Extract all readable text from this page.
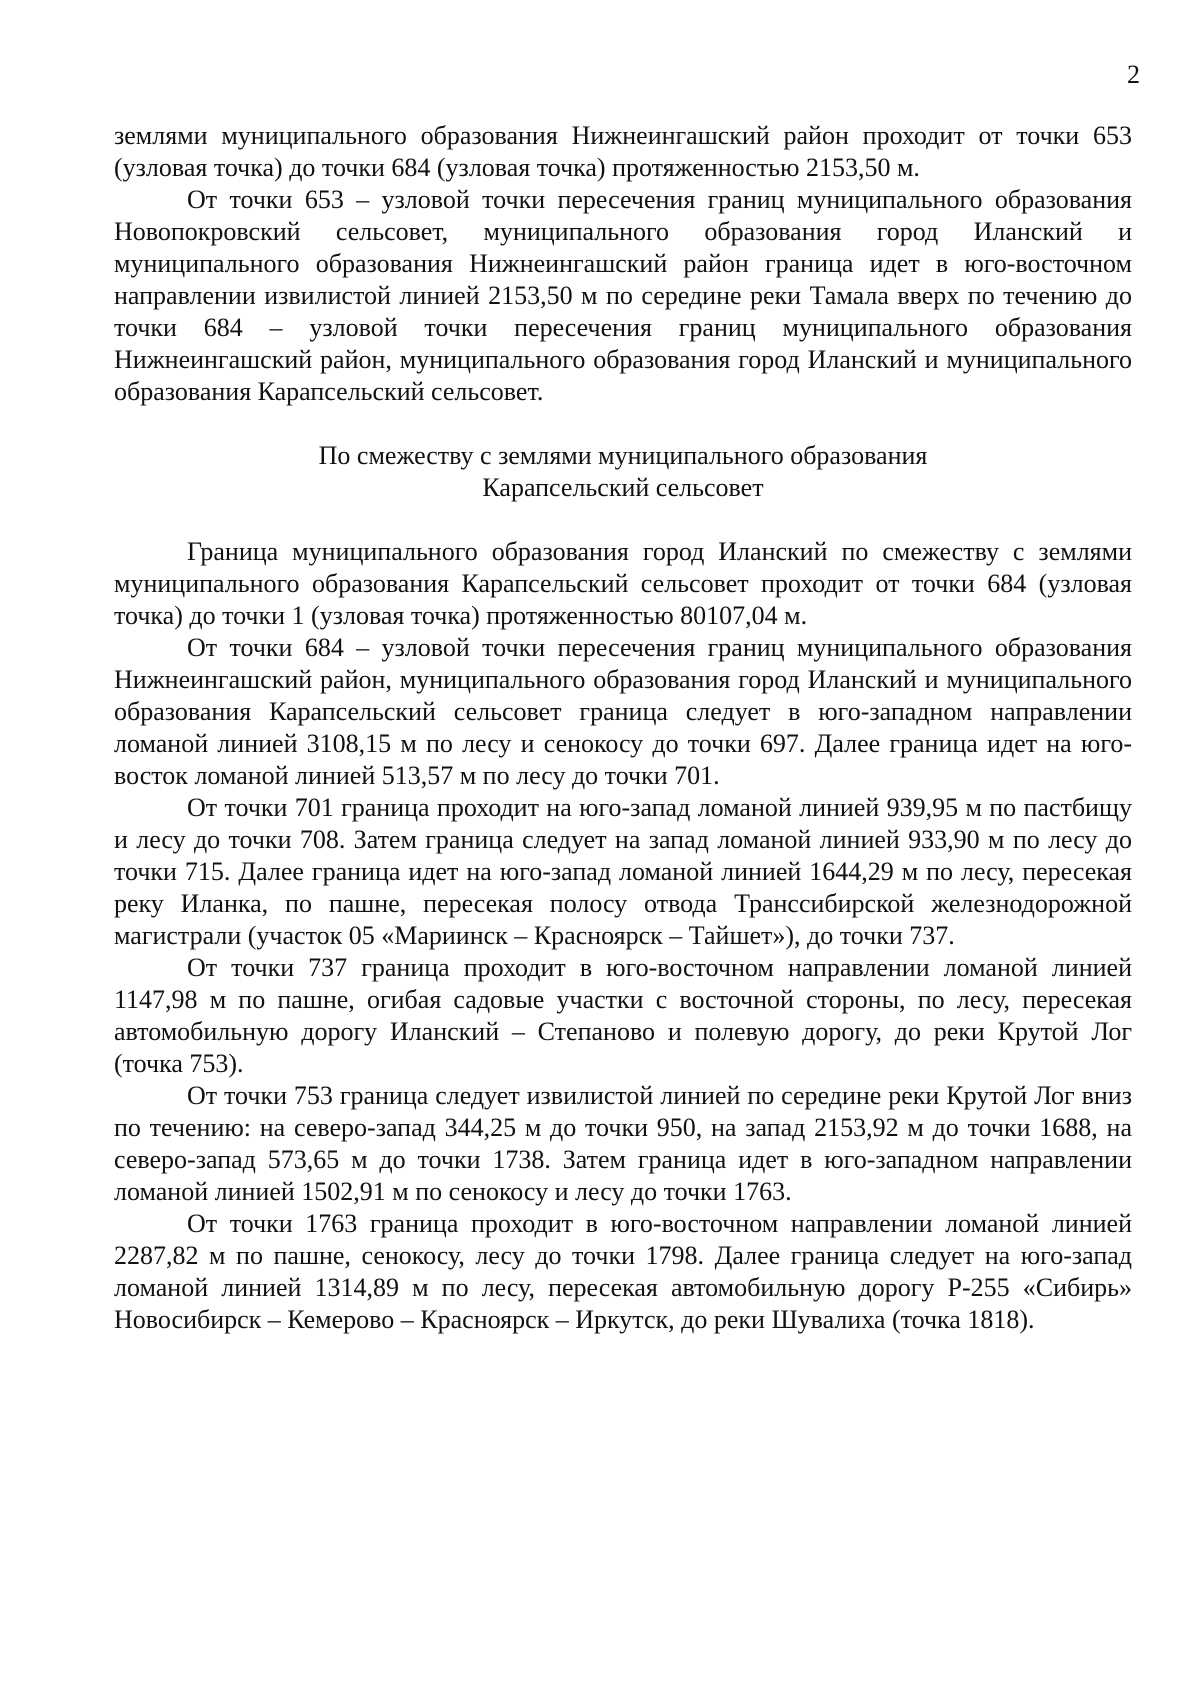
2

землями муниципального образования Нижнеингашский район проходит от точки 653 (узловая точка) до точки 684 (узловая точка) протяженностью 2153,50 м.

От точки 653 – узловой точки пересечения границ муниципального образования Новопокровский сельсовет, муниципального образования город Иланский и муниципального образования Нижнеингашский район граница идет в юго-восточном направлении извилистой линией 2153,50 м по середине реки Тамала вверх по течению до точки 684 – узловой точки пересечения границ муниципального образования Нижнеингашский район, муниципального образования город Иланский и муниципального образования Карапсельский сельсовет.

По смежеству с землями муниципального образования

Карапсельский сельсовет

Граница муниципального образования город Иланский по смежеству с землями муниципального образования Карапсельский сельсовет проходит от точки 684 (узловая точка) до точки 1 (узловая точка) протяженностью 80107,04 м.

От точки 684 – узловой точки пересечения границ муниципального образования Нижнеингашский район, муниципального образования город Иланский и муниципального образования Карапсельский сельсовет граница следует в юго-западном направлении ломаной линией 3108,15 м по лесу и сенокосу до точки 697. Далее граница идет на юго-восток ломаной линией 513,57 м по лесу до точки 701.

От точки 701 граница проходит на юго-запад ломаной линией 939,95 м по пастбищу и лесу до точки 708. Затем граница следует на запад ломаной линией 933,90 м по лесу до точки 715. Далее граница идет на юго-запад ломаной линией 1644,29 м по лесу, пересекая реку Иланка, по пашне, пересекая полосу отвода Транссибирской железнодорожной магистрали (участок 05 «Мариинск – Красноярск – Тайшет»), до точки 737.

От точки 737 граница проходит в юго-восточном направлении ломаной линией 1147,98 м по пашне, огибая садовые участки с восточной стороны, по лесу, пересекая автомобильную дорогу Иланский – Степаново и полевую дорогу, до реки Крутой Лог (точка 753).

От точки 753 граница следует извилистой линией по середине реки Крутой Лог вниз по течению: на северо-запад 344,25 м до точки 950, на запад 2153,92 м до точки 1688, на северо-запад 573,65 м до точки 1738. Затем граница идет в юго-западном направлении ломаной линией 1502,91 м по сенокосу и лесу до точки 1763.

От точки 1763 граница проходит в юго-восточном направлении ломаной линией 2287,82 м по пашне, сенокосу, лесу до точки 1798. Далее граница следует на юго-запад ломаной линией 1314,89 м по лесу, пересекая автомобильную дорогу Р-255 «Сибирь» Новосибирск – Кемерово – Красноярск – Иркутск, до реки Шувалиха (точка 1818).
